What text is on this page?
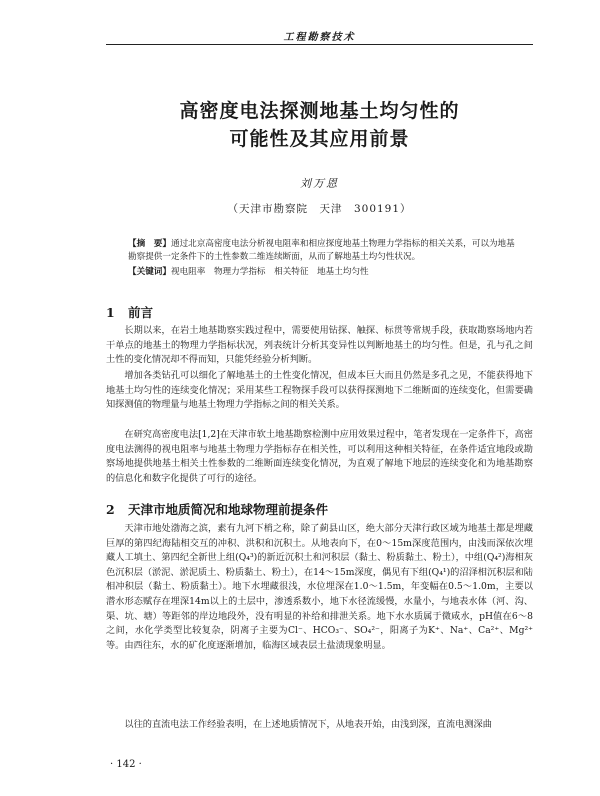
工程勘察技术
高密度电法探测地基土均匀性的
可能性及其应用前景
刘万恩
（天津市勘察院　天津　300191）
【摘　要】通过北京高密度电法分析视电阻率和相应探度地基土物理力学指标的相关关系，可以为地基勘察提供一定条件下的土性参数二维连续断面，从而了解地基土均匀性状况。
【关键词】视电阻率　物理力学指标　相关特征　地基土均匀性
1 前言
长期以来，在岩土地基勘察实践过程中，需要使用钻探、触探、标贯等常规手段，获取勘察场地内若干单点的地基土的物理力学指标状况，列表统计分析其变异性以判断地基土的均匀性。但是，孔与孔之间土性的变化情况却不得而知，只能凭经验分析判断。
增加各类钻孔可以细化了解地基土的土性变化情况，但成本巨大而且仍然是多孔之见，不能获得地下地基土均匀性的连续变化情况；采用某些工程物探手段可以获得探测地下二维断面的连续变化，但需要确知探测值的物理量与地基土物理力学指标之间的相关关系。
在研究高密度电法[1,2]在天津市软土地基勘察检测中应用效果过程中，笔者发现在一定条件下，高密度电法测得的视电阻率与地基土物理力学指标存在相关性，可以利用这种相关特征，在条件适宜地段或勘察场地提供地基土相关土性参数的二维断面连续变化情况，为直观了解地下地层的连续变化和为地基勘察的信息化和数字化提供了可行的途径。
2 天津市地质简况和地球物理前提条件
天津市地处渤海之滨，素有九河下梢之称，除了蓟县山区，绝大部分天津行政区域为地基土都是埋藏巨厚的第四纪海陆相交互的冲积、洪积和沉积土。从地表向下，在0～15m深度范围内，由浅而深依次埋藏人工填土、第四纪全新世上组(Q₄³)的新近沉积土和河积层（黏土、粉质黏土、粉土），中组(Q₄²)海相灰色沉积层（淤泥、淤泥质土、粉质黏土、粉土），在14～15m深度，偶见有下组(Q₄¹)的沼泽相沉积层和陆相冲积层（黏土、粉质黏土）。地下水埋藏很浅，水位埋深在1.0～1.5m，年变幅在0.5～1.0m，主要以潜水形态赋存在埋深14m以上的土层中，渗透系数小，地下水径流缓慢，水量小，与地表水体（河、沟、渠、坑、塘）等距邻的岸边地段外，没有明显的补给和排泄关系。地下水水质属于微咸水，pH值在6～8之间，水化学类型比较复杂，阴离子主要为Cl⁻、HCO₃⁻、SO₄²⁻，阳离子为K⁺、Na⁺、Ca²⁺、Mg²⁺等。由西往东，水的矿化度逐渐增加，临海区域表层土盐渍现象明显。
以往的直流电法工作经验表明，在上述地质情况下，从地表开始，由浅到深，直流电测深曲
· 142 ·
